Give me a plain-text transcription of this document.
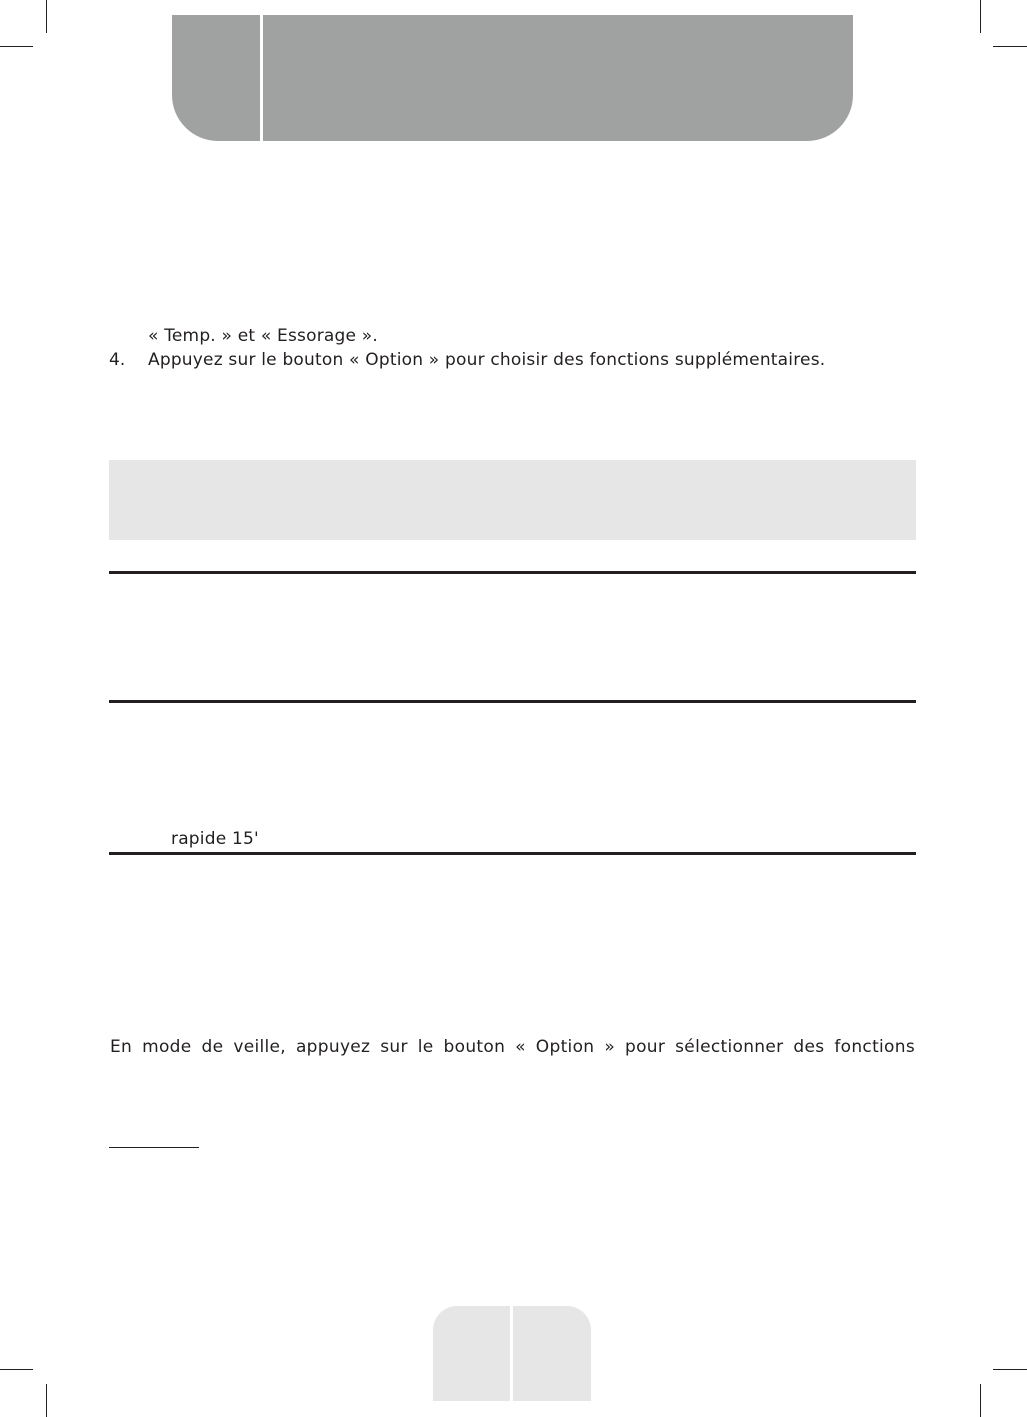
« Temp. » et « Essorage ».
4. Appuyez sur le bouton « Option » pour choisir des fonctions supplémentaires.
rapide 15'
En mode de veille, appuyez sur le bouton « Option » pour sélectionner des fonctions
